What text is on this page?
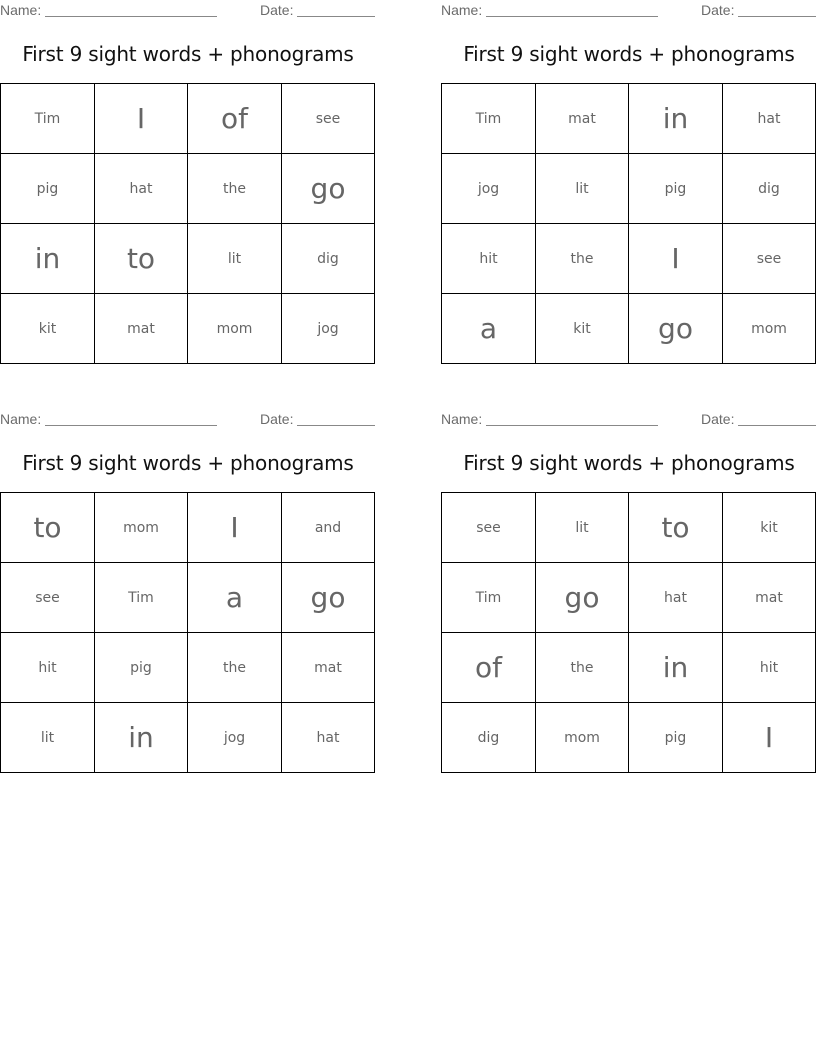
Name:	Date:
First 9 sight words + phonograms
Tim	I	of	see
pig	hat	the	go
in	to	lit	dig
kit	mat	mom	jog
Name:	Date:
First 9 sight words + phonograms
Tim	mat	in	hat
jog	lit	pig	dig
hit	the	I	see
a	kit	go	mom
Name:	Date:
First 9 sight words + phonograms
to	mom	I	and
see	Tim	a	go
hit	pig	the	mat
lit	in	jog	hat
Name:	Date:
First 9 sight words + phonograms
see	lit	to	kit
Tim	go	hat	mat
of	the	in	hit
dig	mom	pig	I
